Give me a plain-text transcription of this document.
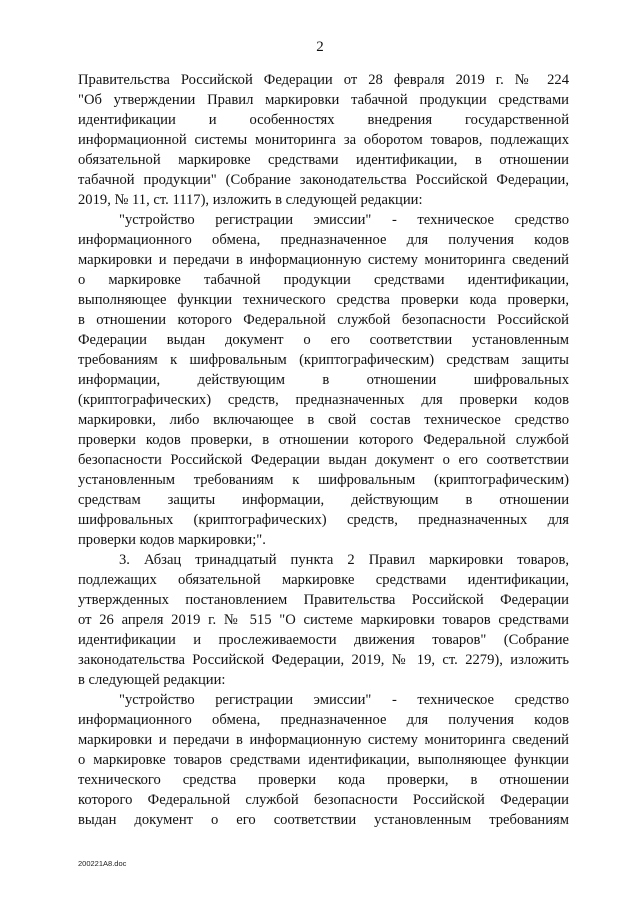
2
Правительства Российской Федерации от 28 февраля 2019 г. № 224
"Об утверждении Правил маркировки табачной продукции средствами
идентификации и особенностях внедрения государственной
информационной системы мониторинга за оборотом товаров, подлежащих
обязательной маркировке средствами идентификации, в отношении
табачной продукции" (Собрание законодательства Российской Федерации,
2019, № 11, ст. 1117), изложить в следующей редакции:
"устройство регистрации эмиссии" - техническое средство
информационного обмена, предназначенное для получения кодов
маркировки и передачи в информационную систему мониторинга сведений
о маркировке табачной продукции средствами идентификации,
выполняющее функции технического средства проверки кода проверки,
в отношении которого Федеральной службой безопасности Российской
Федерации выдан документ о его соответствии установленным
требованиям к шифровальным (криптографическим) средствам защиты
информации, действующим в отношении шифровальных
(криптографических) средств, предназначенных для проверки кодов
маркировки, либо включающее в свой состав техническое средство
проверки кодов проверки, в отношении которого Федеральной службой
безопасности Российской Федерации выдан документ о его соответствии
установленным требованиям к шифровальным (криптографическим)
средствам защиты информации, действующим в отношении
шифровальных (криптографических) средств, предназначенных для
проверки кодов маркировки;".
3. Абзац тринадцатый пункта 2 Правил маркировки товаров,
подлежащих обязательной маркировке средствами идентификации,
утвержденных постановлением Правительства Российской Федерации
от 26 апреля 2019 г. № 515 "О системе маркировки товаров средствами
идентификации и прослеживаемости движения товаров" (Собрание
законодательства Российской Федерации, 2019, № 19, ст. 2279), изложить
в следующей редакции:
"устройство регистрации эмиссии" - техническое средство
информационного обмена, предназначенное для получения кодов
маркировки и передачи в информационную систему мониторинга сведений
о маркировке товаров средствами идентификации, выполняющее функции
технического средства проверки кода проверки, в отношении
которого Федеральной службой безопасности Российской Федерации
выдан документ о его соответствии установленным требованиям
200221A8.doc
